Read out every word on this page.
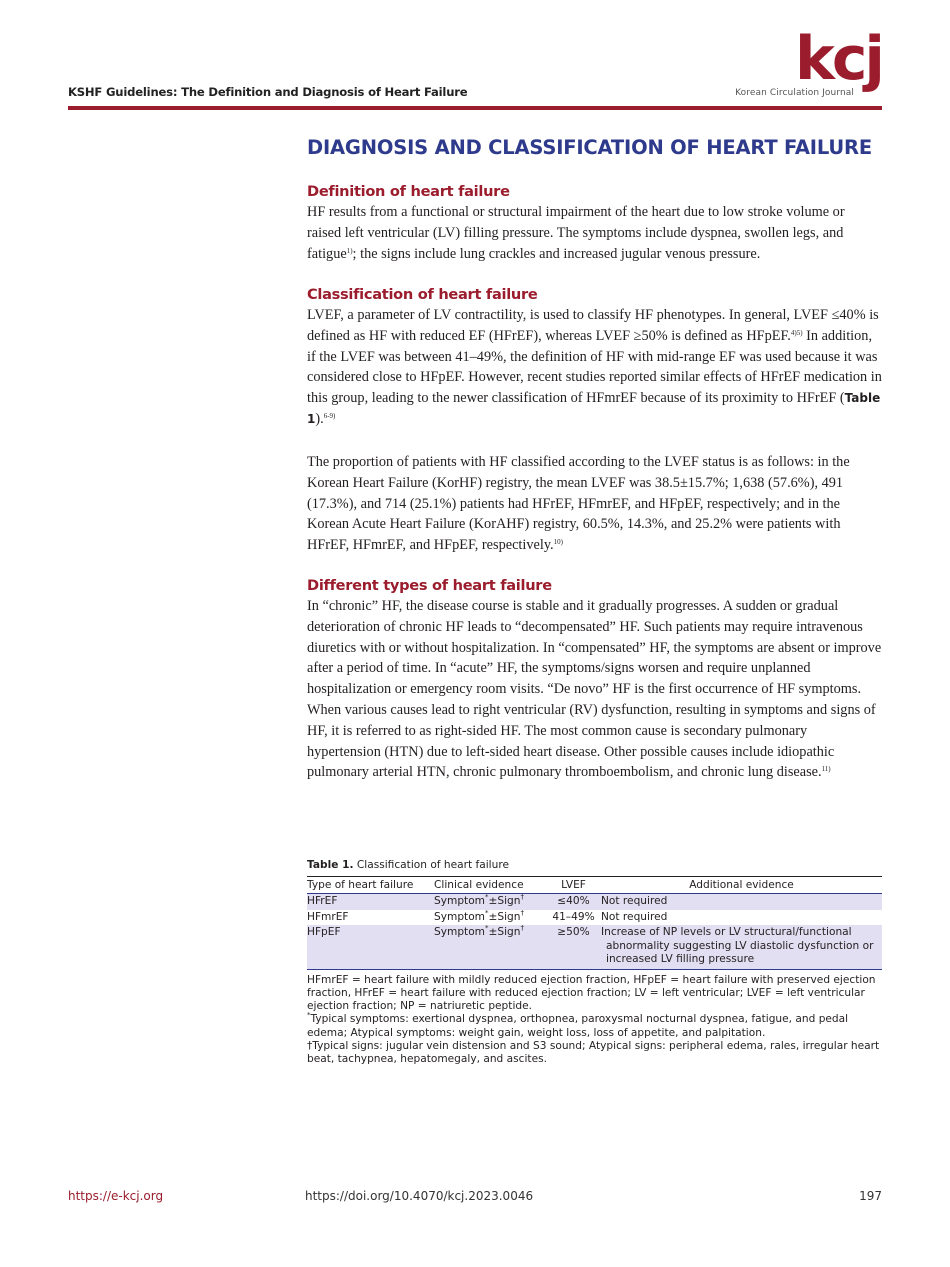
KSHF Guidelines: The Definition and Diagnosis of Heart Failure	kcj
Korean Circulation Journal
DIAGNOSIS AND CLASSIFICATION OF HEART FAILURE
Definition of heart failure

HF results from a functional or structural impairment of the heart due to low stroke volume or raised left ventricular (LV) filling pressure. The symptoms include dyspnea, swollen legs, and fatigue$^{1)}$; the signs include lung crackles and increased jugular venous pressure.

Classification of heart failure

LVEF, a parameter of LV contractility, is used to classify HF phenotypes. In general, LVEF ≤40% is defined as HF with reduced EF (HFrEF), whereas LVEF ≥50% is defined as HFpEF.$^{4)5)}$ In addition, if the LVEF was between 41–49%, the definition of HF with mid-range EF was used because it was considered close to HFpEF. However, recent studies reported similar effects of HFrEF medication in this group, leading to the newer classification of HFmrEF because of its proximity to HFrEF (Table 1).$^{6-9)}$

The proportion of patients with HF classified according to the LVEF status is as follows: in the Korean Heart Failure (KorHF) registry, the mean LVEF was 38.5±15.7%; 1,638 (57.6%), 491 (17.3%), and 714 (25.1%) patients had HFrEF, HFmrEF, and HFpEF, respectively; and in the Korean Acute Heart Failure (KorAHF) registry, 60.5%, 14.3%, and 25.2% were patients with HFrEF, HFmrEF, and HFpEF, respectively.$^{10)}$

Different types of heart failure

In “chronic” HF, the disease course is stable and it gradually progresses. A sudden or gradual deterioration of chronic HF leads to “decompensated” HF. Such patients may require intravenous diuretics with or without hospitalization. In “compensated” HF, the symptoms are absent or improve after a period of time. In “acute” HF, the symptoms/signs worsen and require unplanned hospitalization or emergency room visits. “De novo” HF is the first occurrence of HF symptoms. When various causes lead to right ventricular (RV) dysfunction, resulting in symptoms and signs of HF, it is referred to as right-sided HF. The most common cause is secondary pulmonary hypertension (HTN) due to left-sided heart disease. Other possible causes include idiopathic pulmonary arterial HTN, chronic pulmonary thromboembolism, and chronic lung disease.$^{11)}$

Table 1. Classification of heart failure

Type of heart failure	Clinical evidence	LVEF	Additional evidence
HFrEF	Symptom*±Sign†	≤40%	Not required
HFmrEF	Symptom*±Sign†	41–49%	Not required
HFpEF	Symptom*±Sign†	≥50%	Increase of NP levels or LV structural/functional
abnormality suggesting LV diastolic dysfunction or
increased LV filling pressure

HFmrEF = heart failure with mildly reduced ejection fraction, HFpEF = heart failure with preserved ejection fraction, HFrEF = heart failure with reduced ejection fraction; LV = left ventricular; LVEF = left ventricular ejection fraction; NP = natriuretic peptide.

*Typical symptoms: exertional dyspnea, orthopnea, paroxysmal nocturnal dyspnea, fatigue, and pedal edema; Atypical symptoms: weight gain, weight loss, loss of appetite, and palpitation.

†Typical signs: jugular vein distension and S3 sound; Atypical signs: peripheral edema, rales, irregular heart beat, tachypnea, hepatomegaly, and ascites.

https://e-kcj.org	https://doi.org/10.4070/kcj.2023.0046	197
